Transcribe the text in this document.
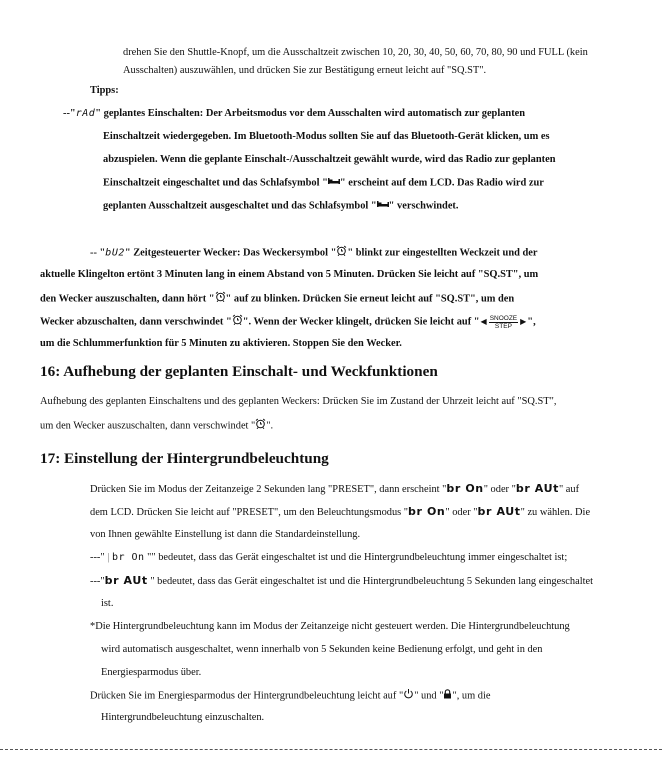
drehen Sie den Shuttle-Knopf, um die Ausschaltzeit zwischen 10, 20, 30, 40, 50, 60, 70, 80, 90 und FULL (kein
Ausschalten) auszuwählen, und drücken Sie zur Bestätigung erneut leicht auf "SQ.ST".
Tipps:
--"rAd" geplantes Einschalten: Der Arbeitsmodus vor dem Ausschalten wird automatisch zur geplanten
Einschaltzeit wiedergegeben. Im Bluetooth-Modus sollten Sie auf das Bluetooth-Gerät klicken, um es
abzuspielen. Wenn die geplante Einschalt-/Ausschaltzeit gewählt wurde, wird das Radio zur geplanten
Einschaltzeit eingeschaltet und das Schlafsymbol " " erscheint auf dem LCD. Das Radio wird zur
geplanten Ausschaltzeit ausgeschaltet und das Schlafsymbol " " verschwindet.
-- "bU2" Zeitgesteuerter Wecker: Das Weckersymbol " " blinkt zur eingestellten Weckzeit und der
aktuelle Klingelton ertönt 3 Minuten lang in einem Abstand von 5 Minuten. Drücken Sie leicht auf "SQ.ST", um
den Wecker auszuschalten, dann hört " " auf zu blinken. Drücken Sie erneut leicht auf "SQ.ST", um den
Wecker abzuschalten, dann verschwindet " ". Wenn der Wecker klingelt, drücken Sie leicht auf " ◀ SNOOZE
STEP ▶ ",
um die Schlummerfunktion für 5 Minuten zu aktivieren. Stoppen Sie den Wecker.
16: Aufhebung der geplanten Einschalt- und Weckfunktionen
Aufhebung des geplanten Einschaltens und des geplanten Weckers: Drücken Sie im Zustand der Uhrzeit leicht auf "SQ.ST",
um den Wecker auszuschalten, dann verschwindet " ".
17: Einstellung der Hintergrundbeleuchtung
Drücken Sie im Modus der Zeitanzeige 2 Sekunden lang "PRESET", dann erscheint "br On" oder "br AUt" auf
dem LCD. Drücken Sie leicht auf "PRESET", um den Beleuchtungsmodus "br On" oder "br AUt" zu wählen. Die
von Ihnen gewählte Einstellung ist dann die Standardeinstellung.
---" | br On "" bedeutet, dass das Gerät eingeschaltet ist und die Hintergrundbeleuchtung immer eingeschaltet ist;
---"br AUt " bedeutet, dass das Gerät eingeschaltet ist und die Hintergrundbeleuchtung 5 Sekunden lang eingeschaltet
ist.
*Die Hintergrundbeleuchtung kann im Modus der Zeitanzeige nicht gesteuert werden. Die Hintergrundbeleuchtung
wird automatisch ausgeschaltet, wenn innerhalb von 5 Sekunden keine Bedienung erfolgt, und geht in den
Energiesparmodus über.
Drücken Sie im Energiesparmodus der Hintergrundbeleuchtung leicht auf " " und " ", um die
Hintergrundbeleuchtung einzuschalten.
